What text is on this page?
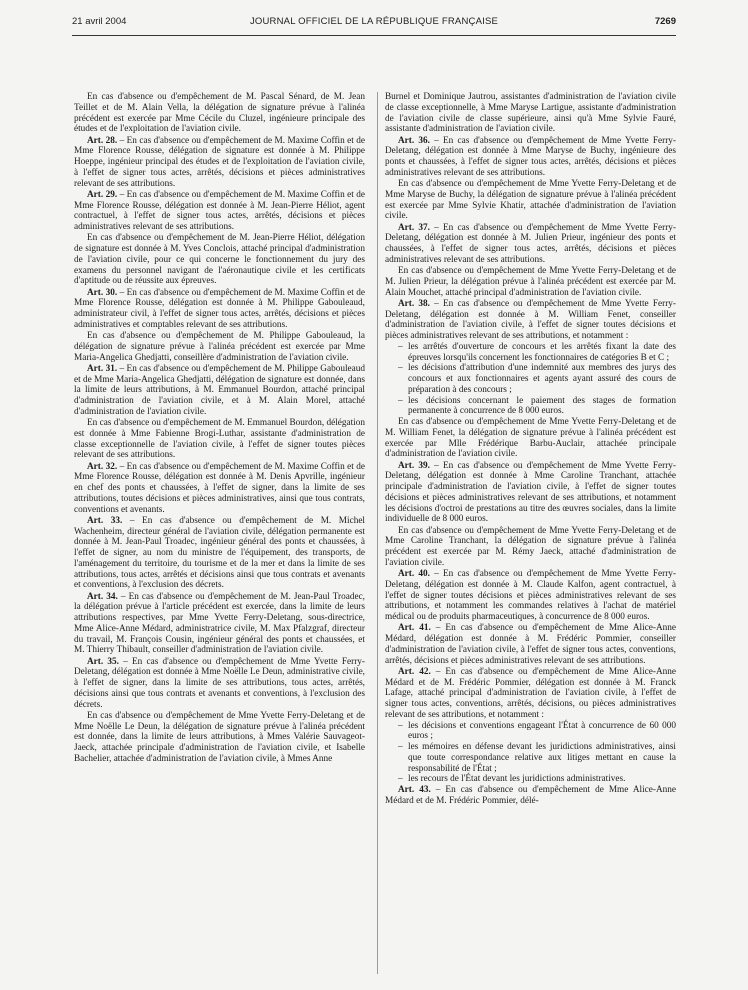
21 avril 2004	JOURNAL OFFICIEL DE LA RÉPUBLIQUE FRANÇAISE	7269

En cas d'absence ou d'empêchement de M. Pascal Sénard, de M. Jean Teillet et de M. Alain Vella, la délégation de signature prévue à l'alinéa précédent est exercée par Mme Cécile du Cluzel, ingénieure principale des études et de l'exploitation de l'aviation civile.

Art. 28. – En cas d'absence ou d'empêchement de M. Maxime Coffin et de Mme Florence Rousse, délégation de signature est donnée à M. Philippe Hoeppe, ingénieur principal des études et de l'exploitation de l'aviation civile, à l'effet de signer tous actes, arrêtés, décisions et pièces administratives relevant de ses attributions.

Art. 29. – En cas d'absence ou d'empêchement de M. Maxime Coffin et de Mme Florence Rousse, délégation est donnée à M. Jean-Pierre Héliot, agent contractuel, à l'effet de signer tous actes, arrêtés, décisions et pièces administratives relevant de ses attributions.

En cas d'absence ou d'empêchement de M. Jean-Pierre Héliot, délégation de signature est donnée à M. Yves Conclois, attaché principal d'administration de l'aviation civile, pour ce qui concerne le fonctionnement du jury des examens du personnel navigant de l'aéronautique civile et les certificats d'aptitude ou de réussite aux épreuves.

Art. 30. – En cas d'absence ou d'empêchement de M. Maxime Coffin et de Mme Florence Rousse, délégation est donnée à M. Philippe Gabouleaud, administrateur civil, à l'effet de signer tous actes, arrêtés, décisions et pièces administratives et comptables relevant de ses attributions.

En cas d'absence ou d'empêchement de M. Philippe Gabouleaud, la délégation de signature prévue à l'alinéa précédent est exercée par Mme Maria-Angelica Ghedjatti, conseillère d'administration de l'aviation civile.

Art. 31. – En cas d'absence ou d'empêchement de M. Philippe Gabouleaud et de Mme Maria-Angelica Ghedjatti, délégation de signature est donnée, dans la limite de leurs attributions, à M. Emmanuel Bourdon, attaché principal d'administration de l'aviation civile, et à M. Alain Morel, attaché d'administration de l'aviation civile.

En cas d'absence ou d'empêchement de M. Emmanuel Bourdon, délégation est donnée à Mme Fabienne Brogi-Luthar, assistante d'administration de classe exceptionnelle de l'aviation civile, à l'effet de signer toutes pièces relevant de ses attributions.

Art. 32. – En cas d'absence ou d'empêchement de M. Maxime Coffin et de Mme Florence Rousse, délégation est donnée à M. Denis Apvrille, ingénieur en chef des ponts et chaussées, à l'effet de signer, dans la limite de ses attributions, toutes décisions et pièces administratives, ainsi que tous contrats, conventions et avenants.

Art. 33. – En cas d'absence ou d'empêchement de M. Michel Wachenheim, directeur général de l'aviation civile, délégation permanente est donnée à M. Jean-Paul Troadec, ingénieur général des ponts et chaussées, à l'effet de signer, au nom du ministre de l'équipement, des transports, de l'aménagement du territoire, du tourisme et de la mer et dans la limite de ses attributions, tous actes, arrêtés et décisions ainsi que tous contrats et avenants et conventions, à l'exclusion des décrets.

Art. 34. – En cas d'absence ou d'empêchement de M. Jean-Paul Troadec, la délégation prévue à l'article précédent est exercée, dans la limite de leurs attributions respectives, par Mme Yvette Ferry-Deletang, sous-directrice, Mme Alice-Anne Médard, administratrice civile, M. Max Pfalzgraf, directeur du travail, M. François Cousin, ingénieur général des ponts et chaussées, et M. Thierry Thibault, conseiller d'administration de l'aviation civile.

Art. 35. – En cas d'absence ou d'empêchement de Mme Yvette Ferry-Deletang, délégation est donnée à Mme Noëlle Le Deun, administrative civile, à l'effet de signer, dans la limite de ses attributions, tous actes, arrêtés, décisions ainsi que tous contrats et avenants et conventions, à l'exclusion des décrets.

En cas d'absence ou d'empêchement de Mme Yvette Ferry-Deletang et de Mme Noëlle Le Deun, la délégation de signature prévue à l'alinéa précédent est donnée, dans la limite de leurs attributions, à Mmes Valérie Sauvageot-Jaeck, attachée principale d'administration de l'aviation civile, et Isabelle Bachelier, attachée d'administration de l'aviation civile, à Mmes Anne

Burnel et Dominique Jautrou, assistantes d'administration de l'aviation civile de classe exceptionnelle, à Mme Maryse Lartigue, assistante d'administration de l'aviation civile de classe supérieure, ainsi qu'à Mme Sylvie Fauré, assistante d'administration de l'aviation civile.

Art. 36. – En cas d'absence ou d'empêchement de Mme Yvette Ferry-Deletang, délégation est donnée à Mme Maryse de Buchy, ingénieure des ponts et chaussées, à l'effet de signer tous actes, arrêtés, décisions et pièces administratives relevant de ses attributions.

En cas d'absence ou d'empêchement de Mme Yvette Ferry-Deletang et de Mme Maryse de Buchy, la délégation de signature prévue à l'alinéa précédent est exercée par Mme Sylvie Khatir, attachée d'administration de l'aviation civile.

Art. 37. – En cas d'absence ou d'empêchement de Mme Yvette Ferry-Deletang, délégation est donnée à M. Julien Prieur, ingénieur des ponts et chaussées, à l'effet de signer tous actes, arrêtés, décisions et pièces administratives relevant de ses attributions.

En cas d'absence ou d'empêchement de Mme Yvette Ferry-Deletang et de M. Julien Prieur, la délégation prévue à l'alinéa précédent est exercée par M. Alain Mouchet, attaché principal d'administration de l'aviation civile.

Art. 38. – En cas d'absence ou d'empêchement de Mme Yvette Ferry-Deletang, délégation est donnée à M. William Fenet, conseiller d'administration de l'aviation civile, à l'effet de signer toutes décisions et pièces administratives relevant de ses attributions, et notamment :

– les arrêtés d'ouverture de concours et les arrêtés fixant la date des épreuves lorsqu'ils concernent les fonctionnaires de catégories B et C ;
– les décisions d'attribution d'une indemnité aux membres des jurys des concours et aux fonctionnaires et agents ayant assuré des cours de préparation à des concours ;
– les décisions concernant le paiement des stages de formation permanente à concurrence de 8 000 euros.

En cas d'absence ou d'empêchement de Mme Yvette Ferry-Deletang et de M. William Fenet, la délégation de signature prévue à l'alinéa précédent est exercée par Mlle Frédérique Barbu-Auclair, attachée principale d'administration de l'aviation civile.

Art. 39. – En cas d'absence ou d'empêchement de Mme Yvette Ferry-Deletang, délégation est donnée à Mme Caroline Tranchant, attachée principale d'administration de l'aviation civile, à l'effet de signer toutes décisions et pièces administratives relevant de ses attributions, et notamment les décisions d'octroi de prestations au titre des œuvres sociales, dans la limite individuelle de 8 000 euros.

En cas d'absence ou d'empêchement de Mme Yvette Ferry-Deletang et de Mme Caroline Tranchant, la délégation de signature prévue à l'alinéa précédent est exercée par M. Rémy Jaeck, attaché d'administration de l'aviation civile.

Art. 40. – En cas d'absence ou d'empêchement de Mme Yvette Ferry-Deletang, délégation est donnée à M. Claude Kalfon, agent contractuel, à l'effet de signer toutes décisions et pièces administratives relevant de ses attributions, et notamment les commandes relatives à l'achat de matériel médical ou de produits pharmaceutiques, à concurrence de 8 000 euros.

Art. 41. – En cas d'absence ou d'empêchement de Mme Alice-Anne Médard, délégation est donnée à M. Frédéric Pommier, conseiller d'administration de l'aviation civile, à l'effet de signer tous actes, conventions, arrêtés, décisions et pièces administratives relevant de ses attributions.

Art. 42. – En cas d'absence ou d'empêchement de Mme Alice-Anne Médard et de M. Frédéric Pommier, délégation est donnée à M. Franck Lafage, attaché principal d'administration de l'aviation civile, à l'effet de signer tous actes, conventions, arrêtés, décisions, ou pièces administratives relevant de ses attributions, et notamment :

– les décisions et conventions engageant l'État à concurrence de 60 000 euros ;
– les mémoires en défense devant les juridictions administratives, ainsi que toute correspondance relative aux litiges mettant en cause la responsabilité de l'État ;
– les recours de l'État devant les juridictions administratives.

Art. 43. – En cas d'absence ou d'empêchement de Mme Alice-Anne Médard et de M. Frédéric Pommier, délé-
